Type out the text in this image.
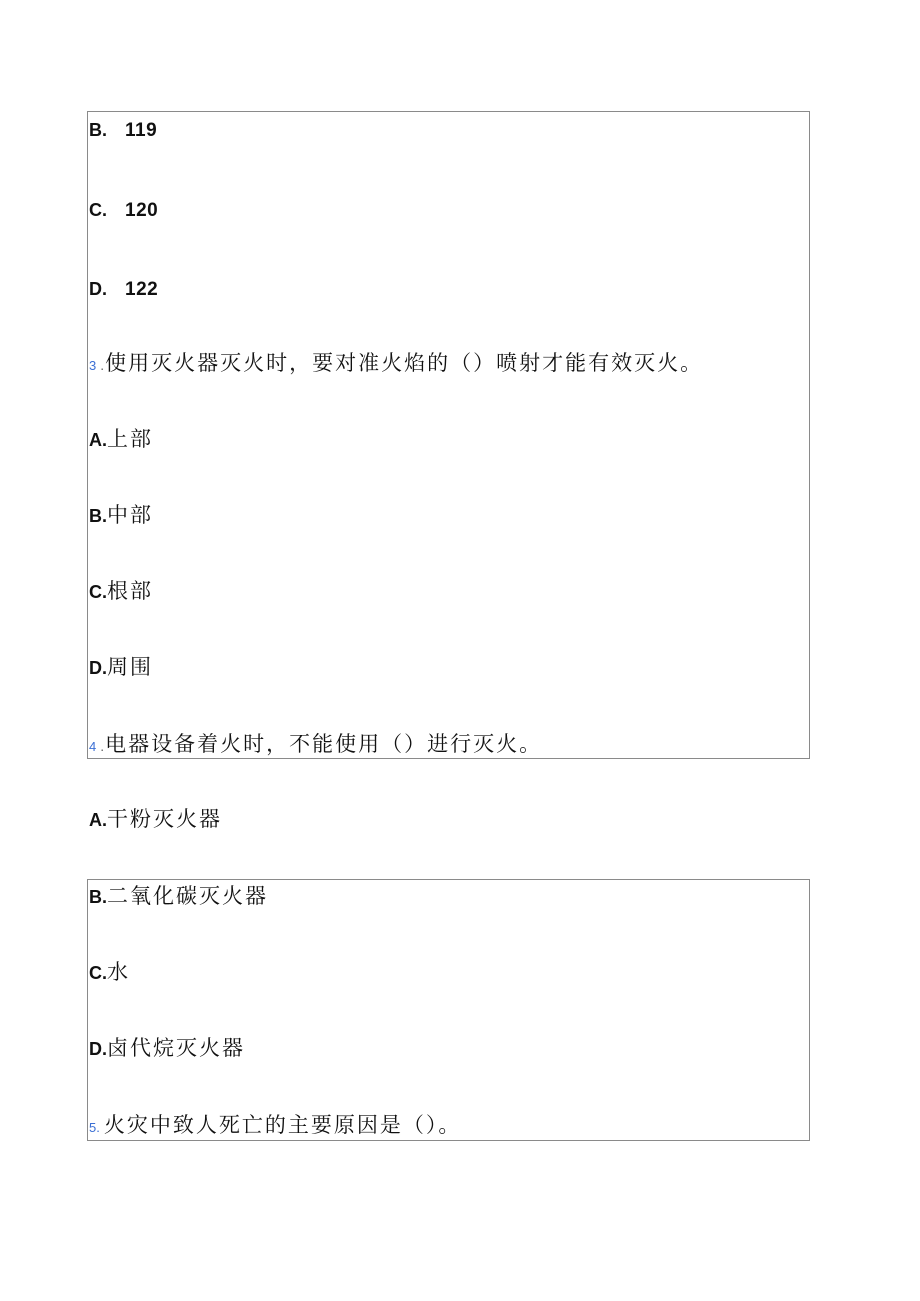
B. 119
C. 120
D. 122
3 .使用灭火器灭火时，要对准火焰的（）喷射才能有效灭火。
A.上部
B.中部
C.根部
D.周围
4 .电器设备着火时，不能使用（）进行灭火。
A.干粉灭火器
B.二氧化碳灭火器
C.水
D.卤代烷灭火器
5. 火灾中致人死亡的主要原因是（）。
